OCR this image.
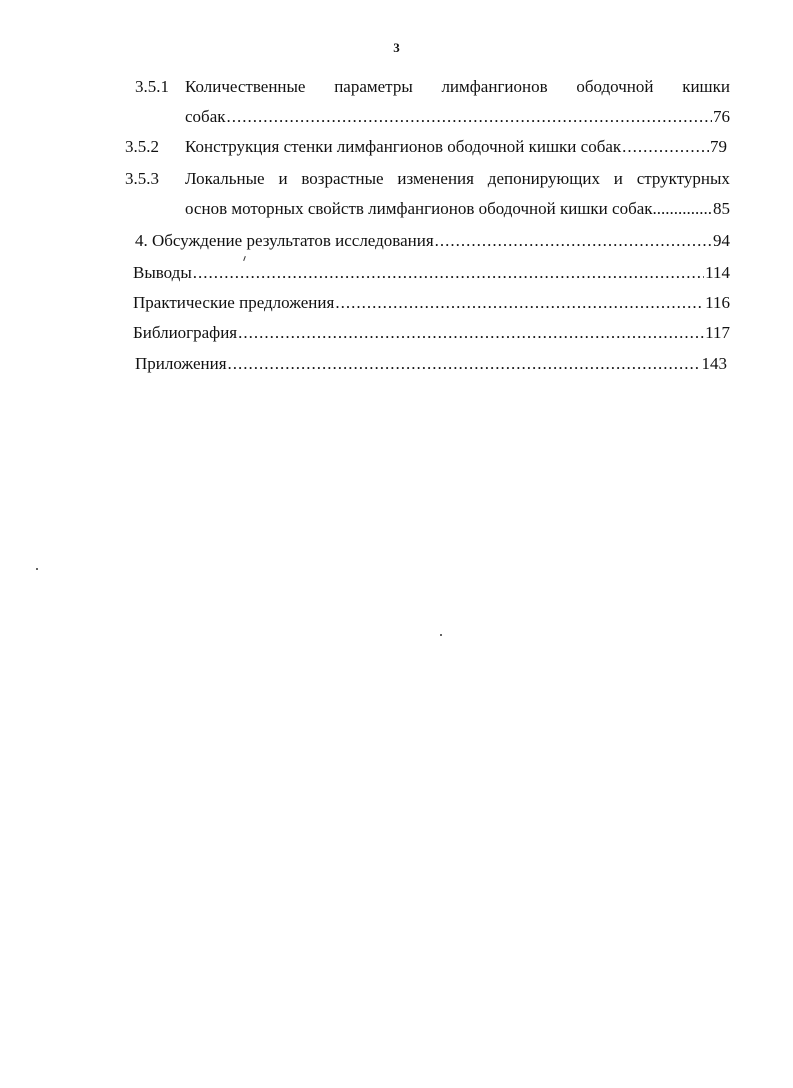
3
3.5.1 Количественные параметры лимфангионов ободочной кишки
собак .....	76
3.5.2 Конструкция стенки лимфангионов ободочной кишки собак .....	79
3.5.3 Локальные и возрастные изменения депонирующих и структурных
основ моторных свойств лимфангионов ободочной кишки собак .....	85
4. Обсуждение результатов исследования .....	94
Выводы .....	114
Практические предложения .....	116
Библиография .....	117
Приложения .....	143
